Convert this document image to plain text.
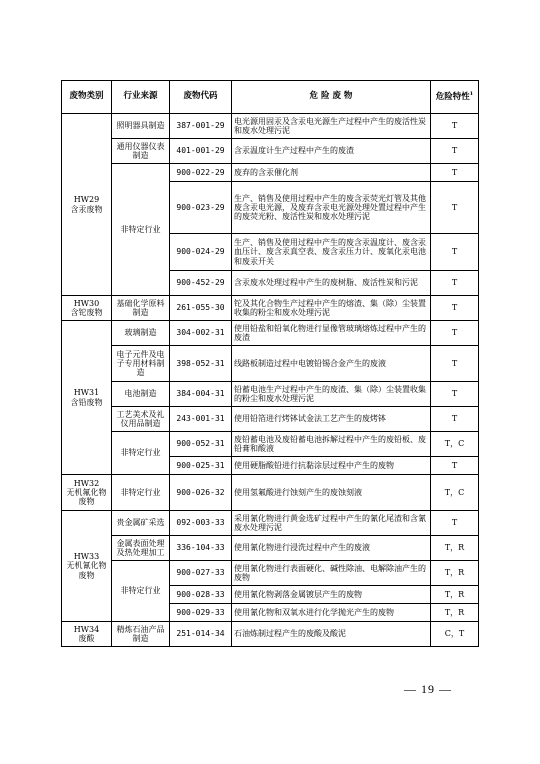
废物类别	行业来源	废物代码	危 险 废 物	危险特性$^1$
HW29
含汞废物	照明器具制造	387-001-29	电光源用固汞及含汞电光源生产过程中产生的废活性炭和废水处理污泥	T
	通用仪器仪表制造	401-001-29	含汞温度计生产过程中产生的废渣	T
	非特定行业	900-022-29	废弃的含汞催化剂	T
		900-023-29	生产、销售及使用过程中产生的废含汞荧光灯管及其他废含汞电光源，及废弃含汞电光源处理处置过程中产生的废荧光粉、废活性炭和废水处理污泥	T
		900-024-29	生产、销售及使用过程中产生的废含汞温度计、废含汞血压计、废含汞真空表、废含汞压力计、废氧化汞电池和废汞开关	T
		900-452-29	含汞废水处理过程中产生的废树脂、废活性炭和污泥	T
HW30
含铊废物	基础化学原料制造	261-055-30	铊及其化合物生产过程中产生的熔渣、集（除）尘装置收集的粉尘和废水处理污泥	T
HW31
含铅废物	玻璃制造	304-002-31	使用铅盐和铅氧化物进行显像管玻璃熔炼过程中产生的废渣	T
	电子元件及电子专用材料制造	398-052-31	线路板制造过程中电镀铅锡合金产生的废液	T
	电池制造	384-004-31	铅蓄电池生产过程中产生的废渣、集（除）尘装置收集的粉尘和废水处理污泥	T
	工艺美术及礼仪用品制造	243-001-31	使用铅箔进行烤钵试金法工艺产生的废烤钵	T
	非特定行业	900-052-31	废铅蓄电池及废铅蓄电池拆解过程中产生的废铅板、废铅膏和酸液	T，C
		900-025-31	使用硬脂酸铅进行抗黏涂层过程中产生的废物	T
HW32
无机氟化物废物	非特定行业	900-026-32	使用氢氟酸进行蚀刻产生的废蚀刻液	T，C
HW33
无机氰化物废物	贵金属矿采选	092-003-33	采用氰化物进行黄金选矿过程中产生的氰化尾渣和含氰废水处理污泥	T
	金属表面处理及热处理加工	336-104-33	使用氰化物进行浸洗过程中产生的废液	T，R
	非特定行业	900-027-33	使用氰化物进行表面硬化、碱性除油、电解除油产生的废物	T，R
		900-028-33	使用氰化物剥落金属镀层产生的废物	T，R
		900-029-33	使用氰化物和双氧水进行化学抛光产生的废物	T，R
HW34
废酸	精炼石油产品制造	251-014-34	石油炼制过程产生的废酸及酸泥	C，T
— 19 —
